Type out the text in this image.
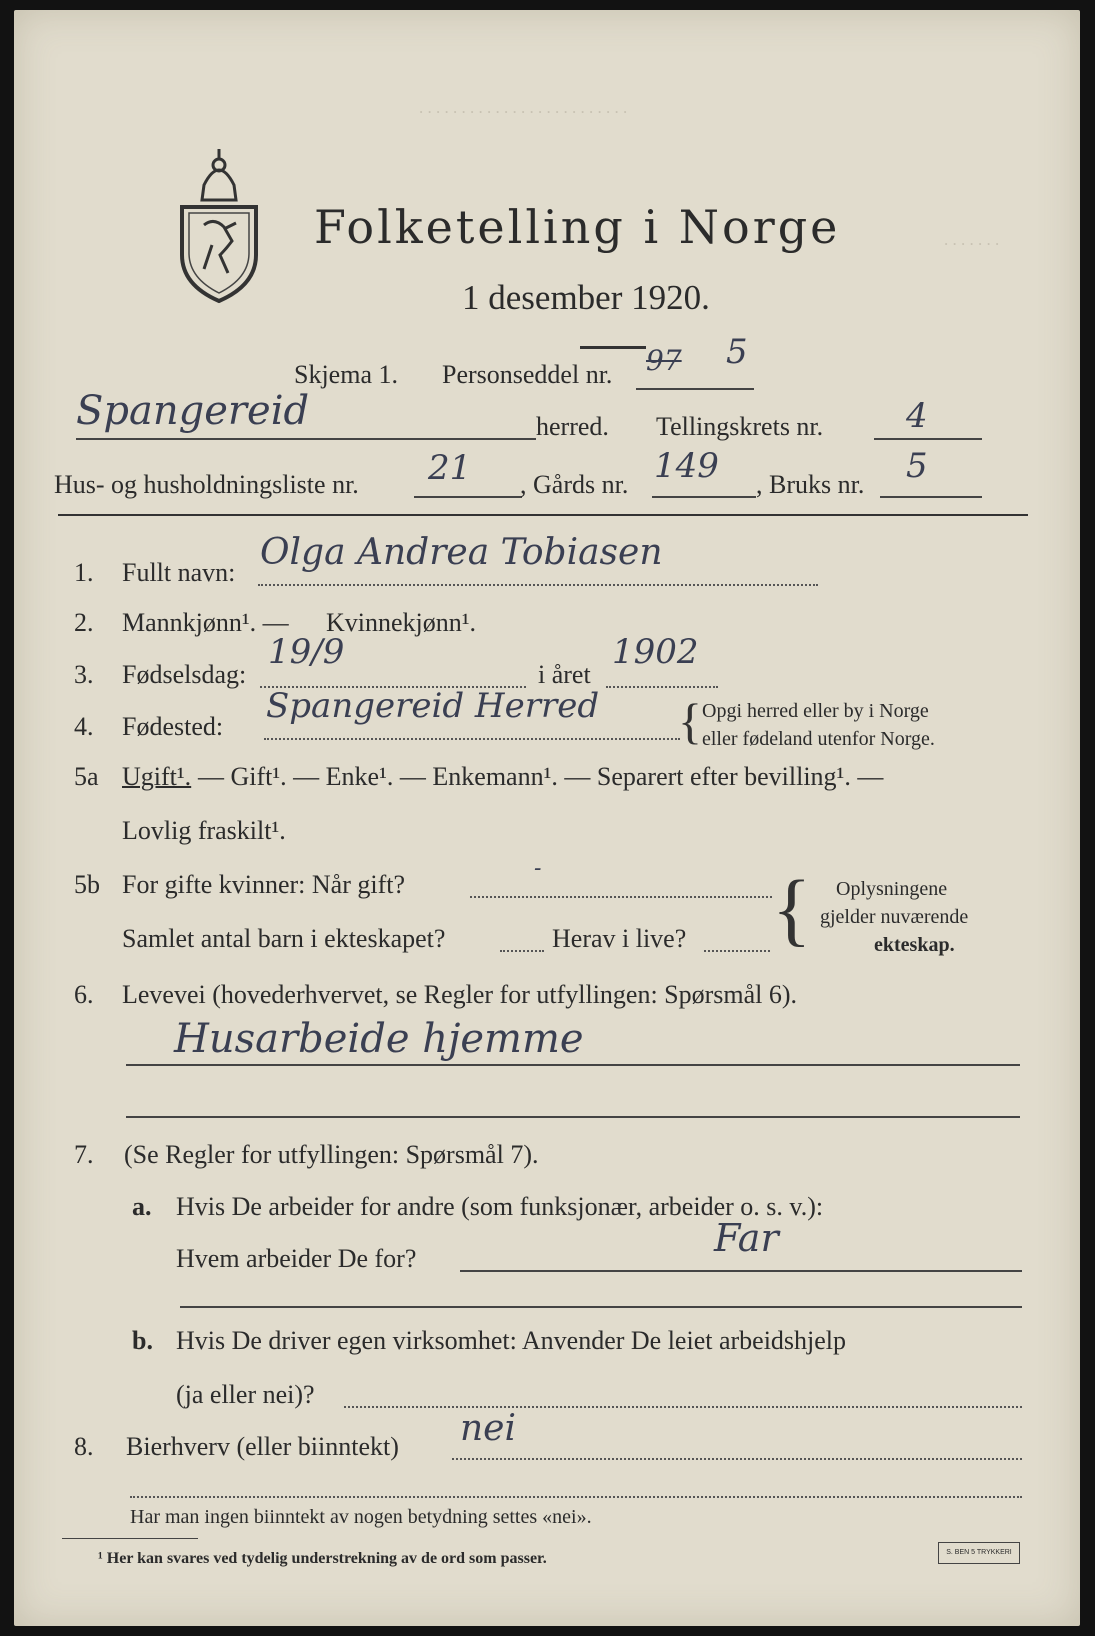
. . . . . . . . . . . . . . . . . . . . . . . . .
. . . . . . .
Folketelling i Norge
1 desember 1920.
Skjema 1. Personseddel nr. 97 5
Spangereid	herred. Tellingskrets nr. 4
Hus- og husholdningsliste nr. 21 , Gårds nr. 149 , Bruks nr. 5
1. Fullt navn: Olga Andrea Tobiasen
2. Mannkjønn¹. — Kvinnekjønn¹.
3. Fødselsdag:
19/9
i året
1902
4. Fødested:
Spangereid Herred { Opgi herred eller by i Norge
eller fødeland utenfor Norge.
5a Ugift¹. — Gift¹. — Enke¹. — Enkemann¹. — Separert efter bevilling¹. —
Lovlig fraskilt¹.
5b For gifte kvinner: Når gift?
-
Samlet antal barn i ekteskapet?	Herav i live? { Oplysningene
gjelder nuværende
ekteskap.
6. Levevei (hovederhvervet, se Regler for utfyllingen: Spørsmål 6).
Husarbeide hjemme
7. (Se Regler for utfyllingen: Spørsmål 7).
a. Hvis De arbeider for andre (som funksjonær, arbeider o. s. v.):
Hvem arbeider De for?	Far
b. Hvis De driver egen virksomhet: Anvender De leiet arbeidshjelp
(ja eller nei)?
8. Bierhverv (eller biinntekt) nei
Har man ingen biinntekt av nogen betydning settes «nei».
¹ Her kan svares ved tydelig understrekning av de ord som passer.	S. BEN 5 TRYKKERI
